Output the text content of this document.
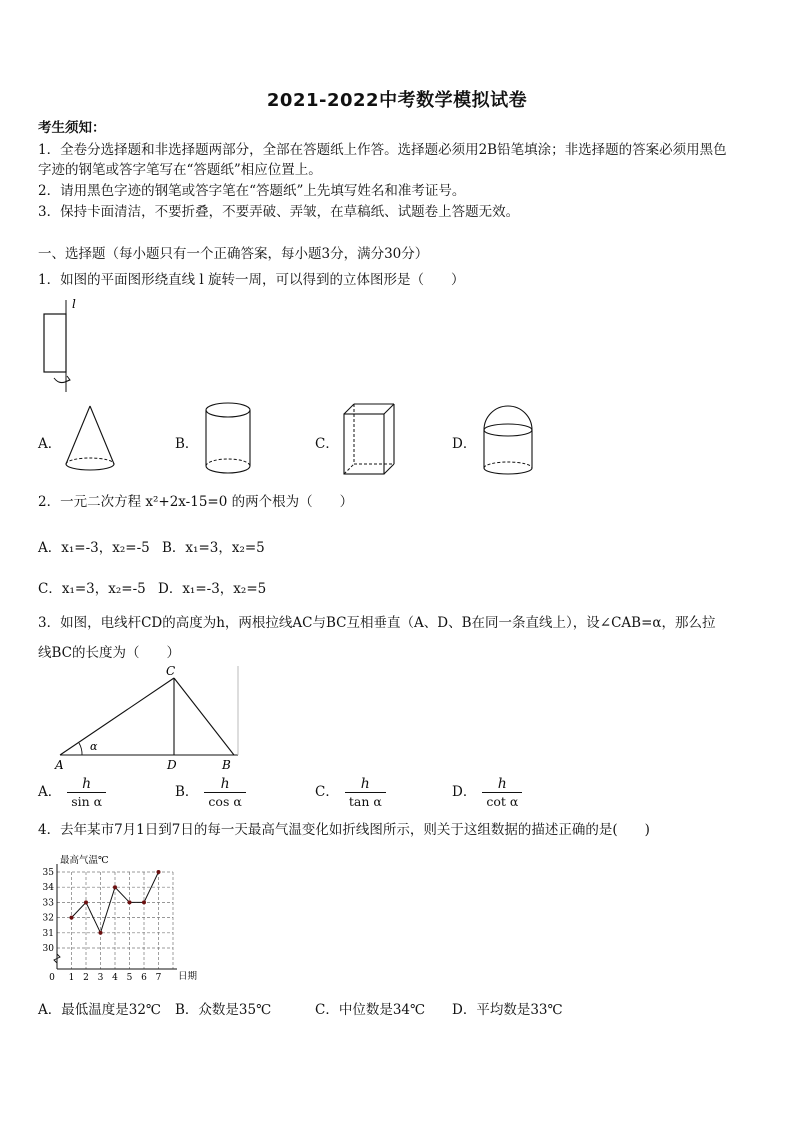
2021-2022中考数学模拟试卷
考生须知：
1．全卷分选择题和非选择题两部分，全部在答题纸上作答。选择题必须用2B铅笔填涂；非选择题的答案必须用黑色
字迹的钢笔或答字笔写在“答题纸”相应位置上。
2．请用黑色字迹的钢笔或答字笔在“答题纸”上先填写姓名和准考证号。
3．保持卡面清洁，不要折叠，不要弄破、弄皱，在草稿纸、试题卷上答题无效。
一、选择题（每小题只有一个正确答案，每小题3分，满分30分）
1．如图的平面图形绕直线 l 旋转一周，可以得到的立体图形是（　　）
l
A．	B．	C．	D．
2．一元二次方程 x²+2x-15=0 的两个根为（　　）
A．x₁=-3，x₂=-5 B．x₁=3，x₂=5
C．x₁=3，x₂=-5 D．x₁=-3，x₂=5
3．如图，电线杆CD的高度为h，两根拉线AC与BC互相垂直（A、D、B在同一条直线上），设∠CAB=α，那么拉
线BC的长度为（　　）
C
A	D	B
α
A． $\frac{h}{\text{sin α}}$	B． $\frac{h}{\text{cos α}}$	C． $\frac{h}{\text{tan α}}$	D． $\frac{h}{\text{cot α}}$
4．去年某市7月1日到7日的每一天最高气温变化如折线图所示，则关于这组数据的描述正确的是(　　)
30
31
32
33
34
35
0 1 2 3 4 5 6 7
最高气温℃
日期
A．最低温度是32℃ B．众数是35℃	C．中位数是34℃ D．平均数是33℃
